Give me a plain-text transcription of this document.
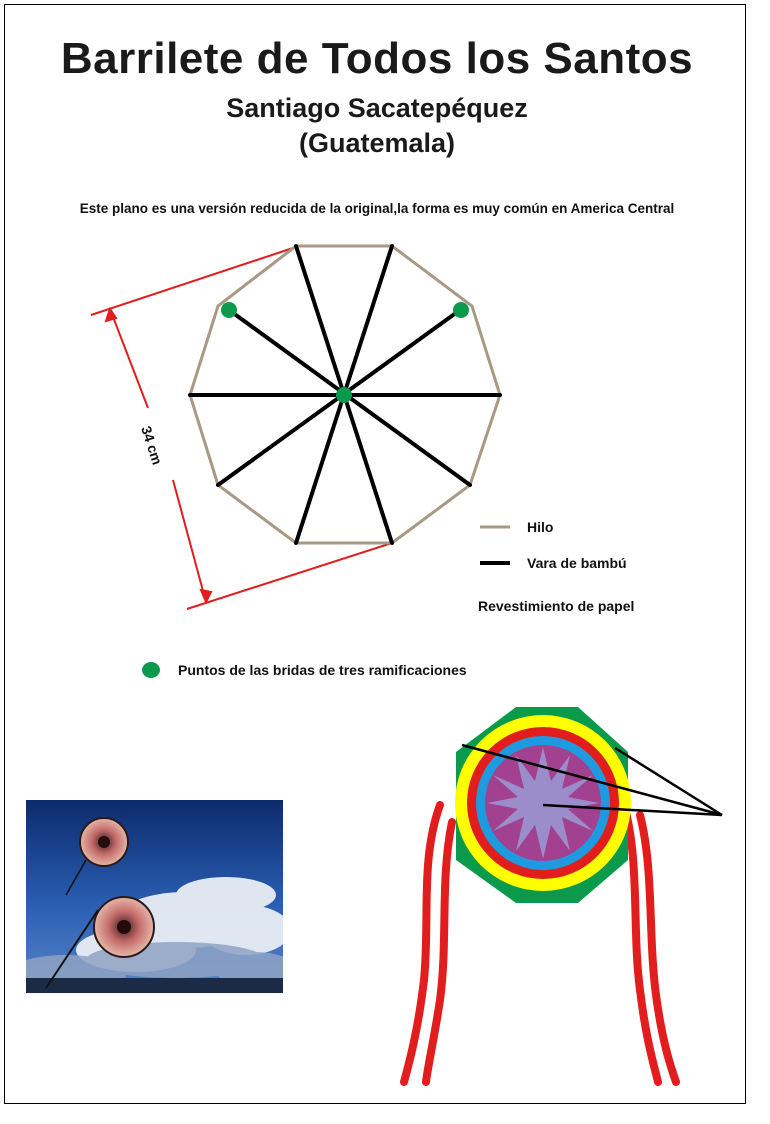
Barrilete de Todos los Santos
Santiago Sacatepéquez
(Guatemala)
Este plano es una versión reducida de la original,la forma es muy común en America Central
34 cm
Hilo
Vara de bambú
Revestimiento de papel
Puntos de las bridas de tres ramificaciones
